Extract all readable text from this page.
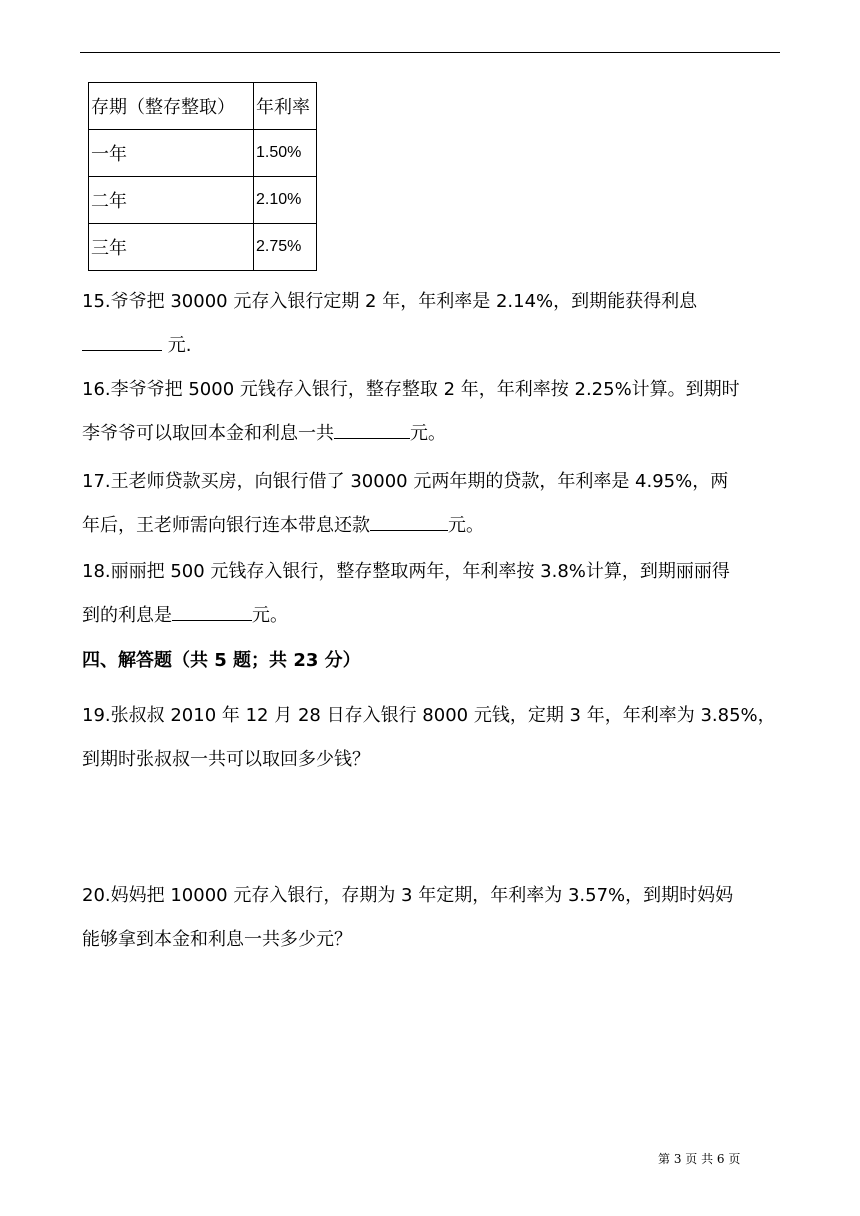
存期（整存整取）	年利率
一年	1.50%
二年	2.10%
三年	2.75%
15.爷爷把 30000 元存入银行定期 2 年，年利率是 2.14%，到期能获得利息
元.
16.李爷爷把 5000 元钱存入银行，整存整取 2 年，年利率按 2.25%计算。到期时
李爷爷可以取回本金和利息一共	元。
17.王老师贷款买房，向银行借了 30000 元两年期的贷款，年利率是 4.95%，两
年后，王老师需向银行连本带息还款	元。
18.丽丽把 500 元钱存入银行，整存整取两年，年利率按 3.8%计算，到期丽丽得
到的利息是	元。
四、解答题（共 5 题；共 23 分）
19.张叔叔 2010 年 12 月 28 日存入银行 8000 元钱，定期 3 年，年利率为 3.85%，
到期时张叔叔一共可以取回多少钱？
20.妈妈把 10000 元存入银行，存期为 3 年定期，年利率为 3.57%，到期时妈妈
能够拿到本金和利息一共多少元？
第 3 页 共 6 页
